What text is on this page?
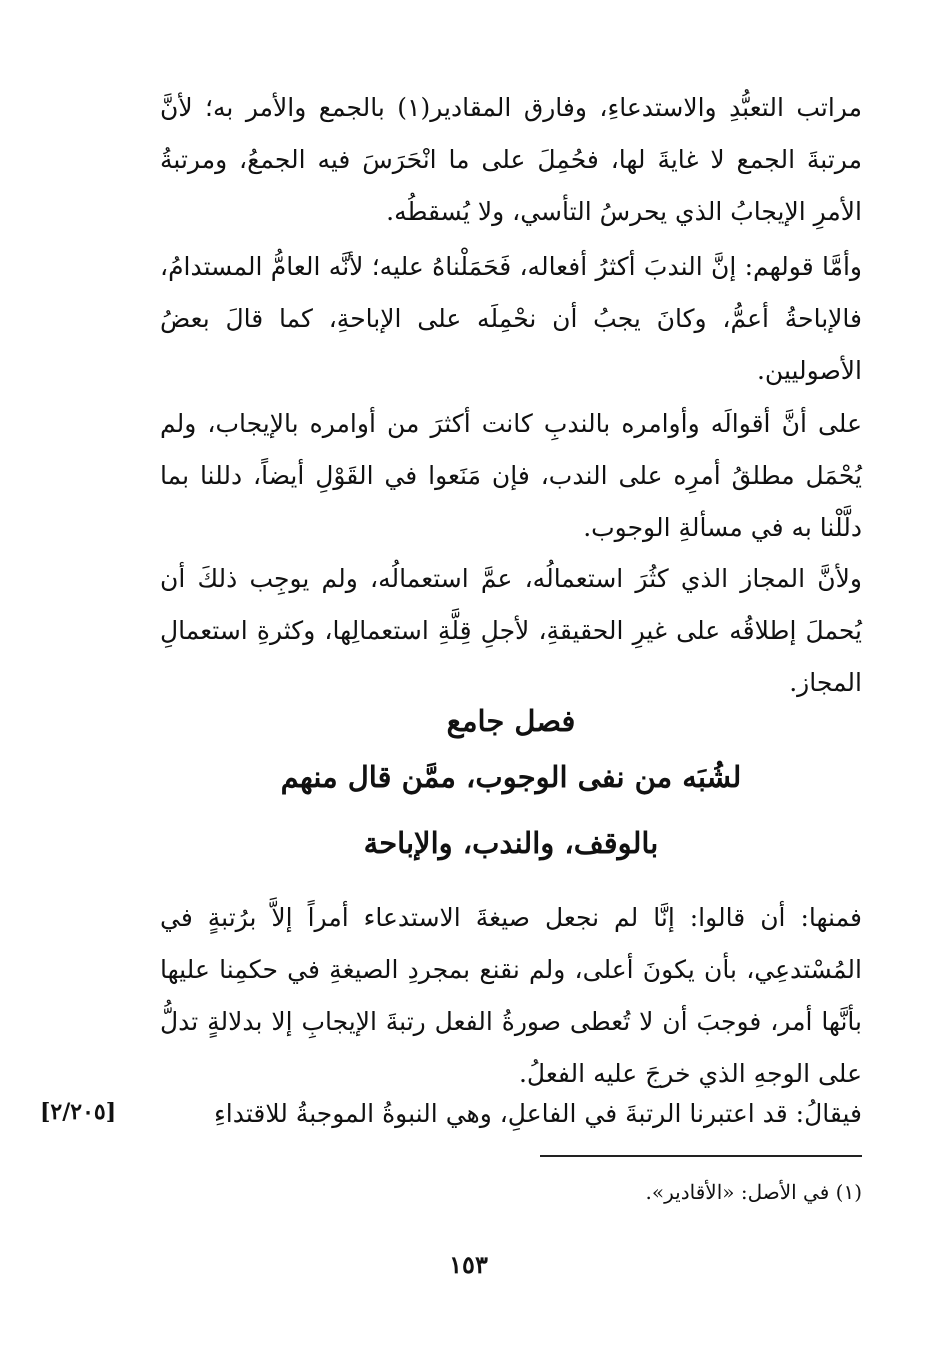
مراتب التعبُّدِ والاستدعاءِ، وفارق المقادير(١) بالجمع والأمر به؛ لأنَّ مرتبةَ الجمع لا غايةَ لها، فحُمِلَ على ما انْحَرَسَ فيه الجمعُ، ومرتبةُ الأمرِ الإيجابُ الذي يحرسُ التأسي، ولا يُسقطُه.
وأمَّا قولهم: إنَّ الندبَ أكثرُ أفعاله، فَحَمَلْناهُ عليه؛ لأنَّه العامُّ المستدامُ، فالإباحةُ أعمُّ، وكانَ يجبُ أن نحْمِلَه على الإباحةِ، كما قالَ بعضُ الأصوليين.
على أنَّ أقوالَه وأوامره بالندبِ كانت أكثرَ من أوامره بالإيجاب، ولم يُحْمَل مطلقُ أمرِه على الندب، فإن مَنَعوا في القَوْلِ أيضاً، دللنا بما دلَّلْنا به في مسألةِ الوجوب.
ولأنَّ المجاز الذي كثُرَ استعمالُه، عمَّ استعمالُه، ولم يوجِب ذلكَ أن يُحملَ إطلاقُه على غيرِ الحقيقةِ، لأجلِ قِلَّةِ استعمالِها، وكثرةِ استعمالِ المجاز.
فصل جامع
لشُبَه من نفى الوجوب، ممَّن قال منهم
بالوقف، والندب، والإباحة
فمنها: أن قالوا: إنَّا لم نجعل صيغةَ الاستدعاء أمراً إلاَّ برُتبةٍ في المُسْتدعِي، بأن يكونَ أعلى، ولم نقنع بمجردِ الصيغةِ في حكمِنا عليها بأنَّها أمر، فوجبَ أن لا تُعطى صورةُ الفعل رتبةَ الإيجابِ إلا بدلالةٍ تدلُّ على الوجهِ الذي خرجَ عليه الفعلُ.
فيقالُ: قد اعتبرنا الرتبةَ في الفاعلِ، وهي النبوةُ الموجبةُ للاقتداءِ
[٢/٢٠٥]
(١) في الأصل: «الأقادير».
١٥٣
